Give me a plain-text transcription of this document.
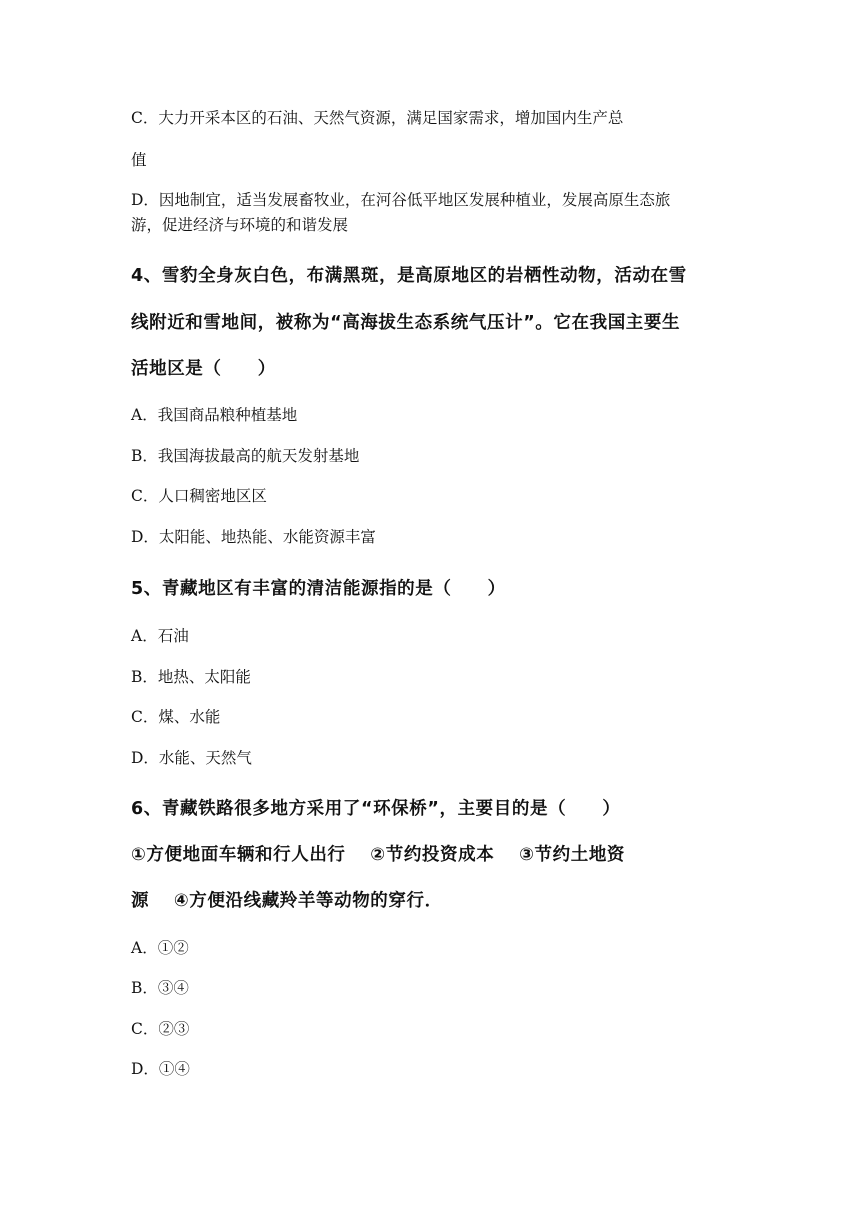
C．大力开采本区的石油、天然气资源，满足国家需求，增加国内生产总
值
D．因地制宜，适当发展畜牧业，在河谷低平地区发展种植业，发展高原生态旅
游，促进经济与环境的和谐发展
4、雪豹全身灰白色，布满黑斑，是高原地区的岩栖性动物，活动在雪
线附近和雪地间，被称为“高海拔生态系统气压计”。它在我国主要生
活地区是（　　）
A．我国商品粮种植基地
B．我国海拔最高的航天发射基地
C．人口稠密地区区
D．太阳能、地热能、水能资源丰富
5、青藏地区有丰富的清洁能源指的是（　　）
A．石油
B．地热、太阳能
C．煤、水能
D．水能、天然气
6、青藏铁路很多地方采用了“环保桥”，主要目的是（　　）
①方便地面车辆和行人出行　 ②节约投资成本　 ③节约土地资
源　 ④方便沿线藏羚羊等动物的穿行．
A．①②
B．③④
C．②③
D．①④
